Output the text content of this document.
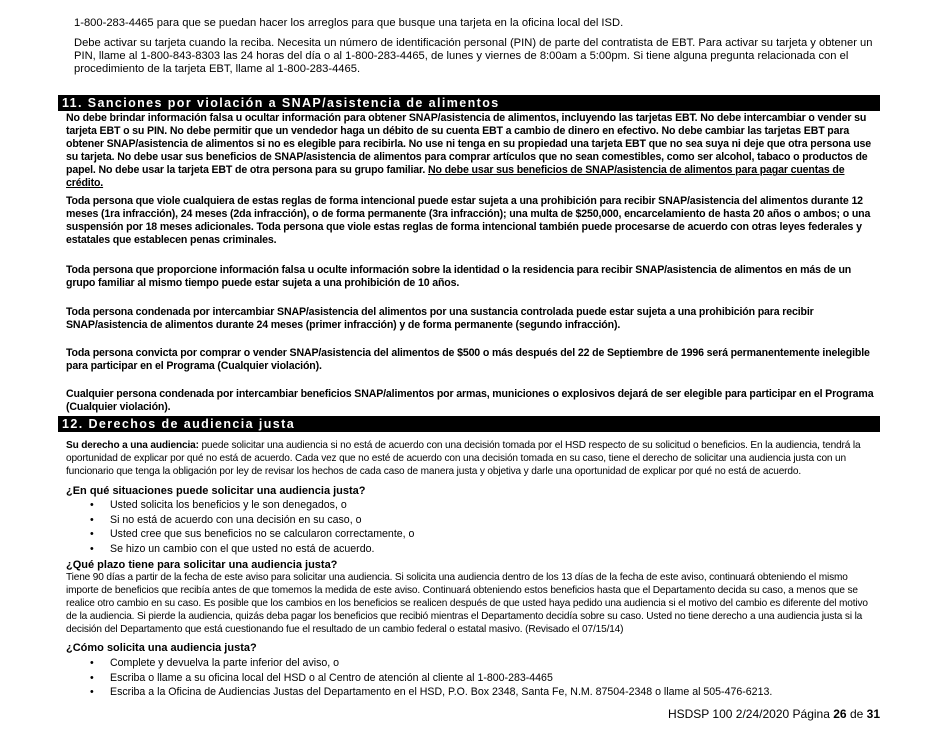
1-800-283-4465 para que se puedan hacer los arreglos para que busque una tarjeta en la oficina local del ISD.
Debe activar su tarjeta cuando la reciba. Necesita un número de identificación personal (PIN) de parte del contratista de EBT. Para activar su tarjeta y obtener un PIN, llame al 1-800-843-8303 las 24 horas del día o al 1-800-283-4465, de lunes y viernes de 8:00am a 5:00pm. Si tiene alguna pregunta relacionada con el procedimiento de la tarjeta EBT, llame al 1-800-283-4465.
11. Sanciones por violación a SNAP/asistencia de alimentos
No debe brindar información falsa u ocultar información para obtener SNAP/asistencia de alimentos, incluyendo las tarjetas EBT. No debe intercambiar o vender su tarjeta EBT o su PIN. No debe permitir que un vendedor haga un débito de su cuenta EBT a cambio de dinero en efectivo. No debe cambiar las tarjetas EBT para obtener SNAP/asistencia de alimentos si no es elegible para recibirla. No use ni tenga en su propiedad una tarjeta EBT que no sea suya ni deje que otra persona use su tarjeta. No debe usar sus beneficios de SNAP/asistencia de alimentos para comprar artículos que no sean comestibles, como ser alcohol, tabaco o productos de papel. No debe usar la tarjeta EBT de otra persona para su grupo familiar. No debe usar sus beneficios de SNAP/asistencia de alimentos para pagar cuentas de crédito.
Toda persona que viole cualquiera de estas reglas de forma intencional puede estar sujeta a una prohibición para recibir SNAP/asistencia del alimentos durante 12 meses (1ra infracción), 24 meses (2da infracción), o de forma permanente (3ra infracción); una multa de $250,000, encarcelamiento de hasta 20 años o ambos; o una suspensión por 18 meses adicionales. Toda persona que viole estas reglas de forma intencional también puede procesarse de acuerdo con otras leyes federales y estatales que establecen penas criminales.
Toda persona que proporcione información falsa u oculte información sobre la identidad o la residencia para recibir SNAP/asistencia de alimentos en más de un grupo familiar al mismo tiempo puede estar sujeta a una prohibición de 10 años.
Toda persona condenada por intercambiar SNAP/asistencia del alimentos por una sustancia controlada puede estar sujeta a una prohibición para recibir SNAP/asistencia de alimentos durante 24 meses (primer infracción) y de forma permanente (segundo infracción).
Toda persona convicta por comprar o vender SNAP/asistencia del alimentos de $500 o más después del 22 de Septiembre de 1996 será permanentemente inelegible para participar en el Programa (Cualquier violación).
Cualquier persona condenada por intercambiar beneficios SNAP/alimentos por armas, municiones o explosivos dejará de ser elegible para participar en el Programa (Cualquier violación).
12. Derechos de audiencia justa
Su derecho a una audiencia: puede solicitar una audiencia si no está de acuerdo con una decisión tomada por el HSD respecto de su solicitud o beneficios. En la audiencia, tendrá la oportunidad de explicar por qué no está de acuerdo. Cada vez que no esté de acuerdo con una decisión tomada en su caso, tiene el derecho de solicitar una audiencia justa con un funcionario que tenga la obligación por ley de revisar los hechos de cada caso de manera justa y objetiva y darle una oportunidad de explicar por qué no está de acuerdo.
¿En qué situaciones puede solicitar una audiencia justa?
• Usted solicita los beneficios y le son denegados, o
• Si no está de acuerdo con una decisión en su caso, o
• Usted cree que sus beneficios no se calcularon correctamente, o
• Se hizo un cambio con el que usted no está de acuerdo.
¿Qué plazo tiene para solicitar una audiencia justa?
Tiene 90 días a partir de la fecha de este aviso para solicitar una audiencia. Si solicita una audiencia dentro de los 13 días de la fecha de este aviso, continuará obteniendo el mismo importe de beneficios que recibía antes de que tomemos la medida de este aviso. Continuará obteniendo estos beneficios hasta que el Departamento decida su caso, a menos que se realice otro cambio en su caso. Es posible que los cambios en los beneficios se realicen después de que usted haya pedido una audiencia si el motivo del cambio es diferente del motivo de la audiencia. Si pierde la audiencia, quizás deba pagar los beneficios que recibió mientras el Departamento decidía sobre su caso. Usted no tiene derecho a una audiencia justa si la decisión del Departamento que está cuestionando fue el resultado de un cambio federal o estatal masivo. (Revisado el 07/15/14)
¿Cómo solicita una audiencia justa?
• Complete y devuelva la parte inferior del aviso, o
• Escriba o llame a su oficina local del HSD o al Centro de atención al cliente al 1-800-283-4465
• Escriba a la Oficina de Audiencias Justas del Departamento en el HSD, P.O. Box 2348, Santa Fe, N.M. 87504-2348 o llame al 505-476-6213.
HSDSP 100 2/24/2020 Página 26 de 31
